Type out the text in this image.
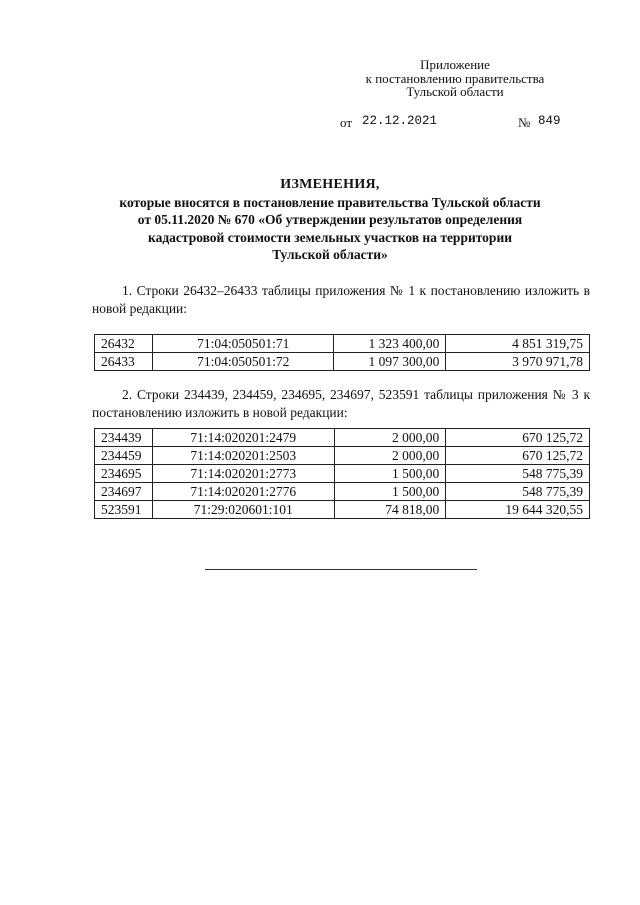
Приложение
к постановлению правительства
Тульской области
от 22.12.2021	№ 849
ИЗМЕНЕНИЯ,
которые вносятся в постановление правительства Тульской области
от 05.11.2020 № 670 «Об утверждении результатов определения
кадастровой стоимости земельных участков на территории
Тульской области»
1. Строки 26432–26433 таблицы приложения № 1 к постановлению изложить в новой редакции:
26432	71:04:050501:71	1 323 400,00	4 851 319,75
26433	71:04:050501:72	1 097 300,00	3 970 971,78
2. Строки 234439, 234459, 234695, 234697, 523591 таблицы приложения № 3 к постановлению изложить в новой редакции:
234439	71:14:020201:2479	2 000,00	670 125,72
234459	71:14:020201:2503	2 000,00	670 125,72
234695	71:14:020201:2773	1 500,00	548 775,39
234697	71:14:020201:2776	1 500,00	548 775,39
523591	71:29:020601:101	74 818,00	19 644 320,55
